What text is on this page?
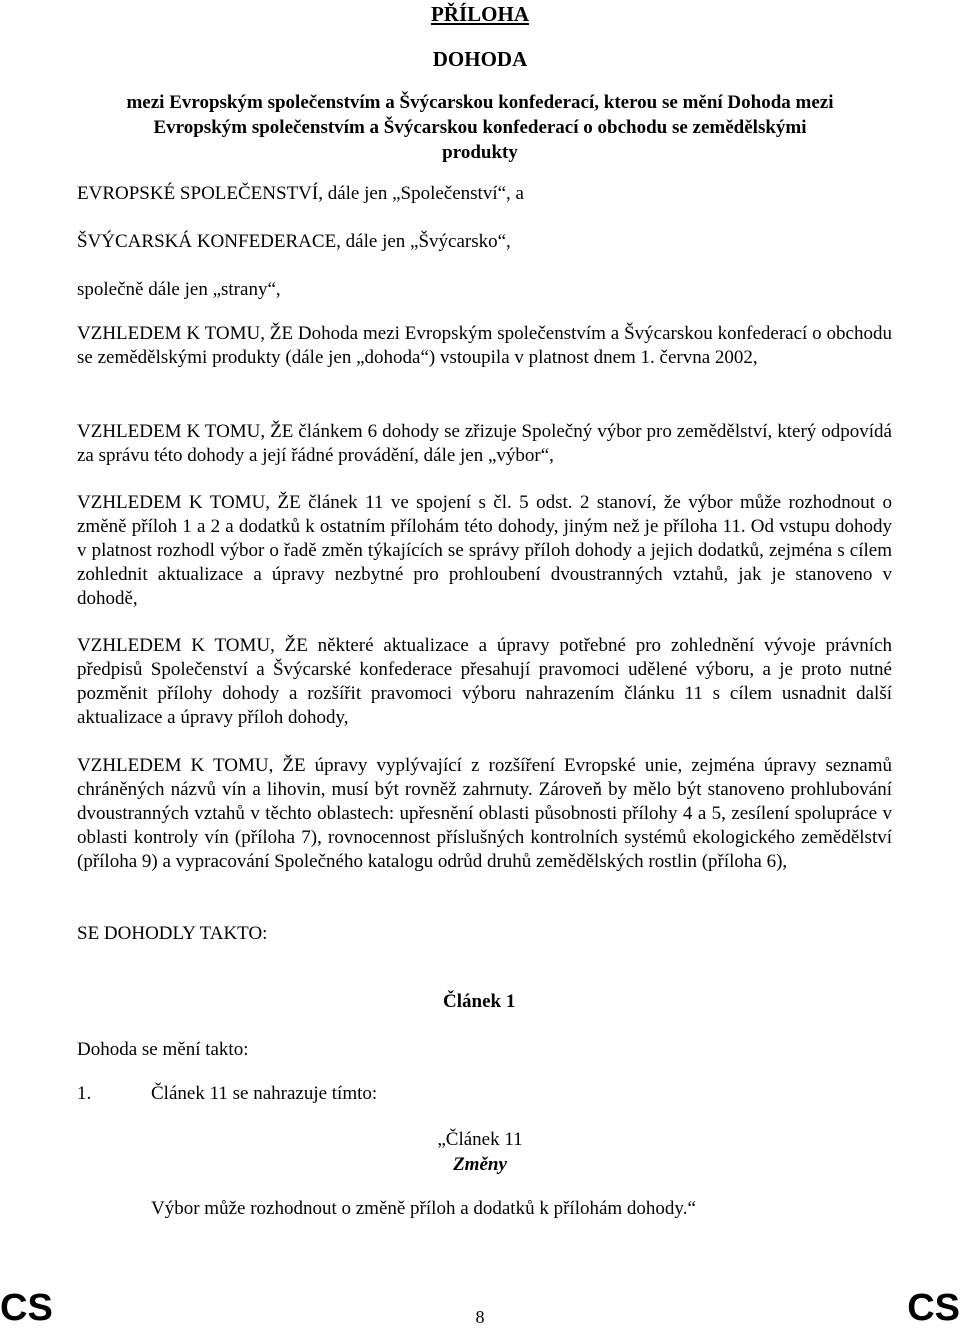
PŘÍLOHA

DOHODA

mezi Evropským společenstvím a Švýcarskou konfederací, kterou se mění Dohoda mezi
Evropským společenstvím a Švýcarskou konfederací o obchodu se zemědělskými
produkty

EVROPSKÉ SPOLEČENSTVÍ, dále jen „Společenství“, a

ŠVÝCARSKÁ KONFEDERACE, dále jen „Švýcarsko“,

společně dále jen „strany“,

VZHLEDEM K TOMU, ŽE Dohoda mezi Evropským společenstvím a Švýcarskou konfederací o obchodu se zemědělskými produkty (dále jen „dohoda“) vstoupila v platnost dnem 1. června 2002,

VZHLEDEM K TOMU, ŽE článkem 6 dohody se zřizuje Společný výbor pro zemědělství, který odpovídá za správu této dohody a její řádné provádění, dále jen „výbor“,

VZHLEDEM K TOMU, ŽE článek 11 ve spojení s čl. 5 odst. 2 stanoví, že výbor může rozhodnout o změně příloh 1 a 2 a dodatků k ostatním přílohám této dohody, jiným než je příloha 11. Od vstupu dohody v platnost rozhodl výbor o řadě změn týkajících se správy příloh dohody a jejich dodatků, zejména s cílem zohlednit aktualizace a úpravy nezbytné pro prohloubení dvoustranných vztahů, jak je stanoveno v dohodě,

VZHLEDEM K TOMU, ŽE některé aktualizace a úpravy potřebné pro zohlednění vývoje právních předpisů Společenství a Švýcarské konfederace přesahují pravomoci udělené výboru, a je proto nutné pozměnit přílohy dohody a rozšířit pravomoci výboru nahrazením článku 11 s cílem usnadnit další aktualizace a úpravy příloh dohody,

VZHLEDEM K TOMU, ŽE úpravy vyplývající z rozšíření Evropské unie, zejména úpravy seznamů chráněných názvů vín a lihovin, musí být rovněž zahrnuty. Zároveň by mělo být stanoveno prohlubování dvoustranných vztahů v těchto oblastech: upřesnění oblasti působnosti přílohy 4 a 5, zesílení spolupráce v oblasti kontroly vín (příloha 7), rovnocennost příslušných kontrolních systémů ekologického zemědělství (příloha 9) a vypracování Společného katalogu odrůd druhů zemědělských rostlin (příloha 6),

SE DOHODLY TAKTO:

Článek 1

Dohoda se mění takto:

1.	Článek 11 se nahrazuje tímto:

„Článek 11

Změny

Výbor může rozhodnout o změně příloh a dodatků k přílohám dohody.“

CS	8	CS
